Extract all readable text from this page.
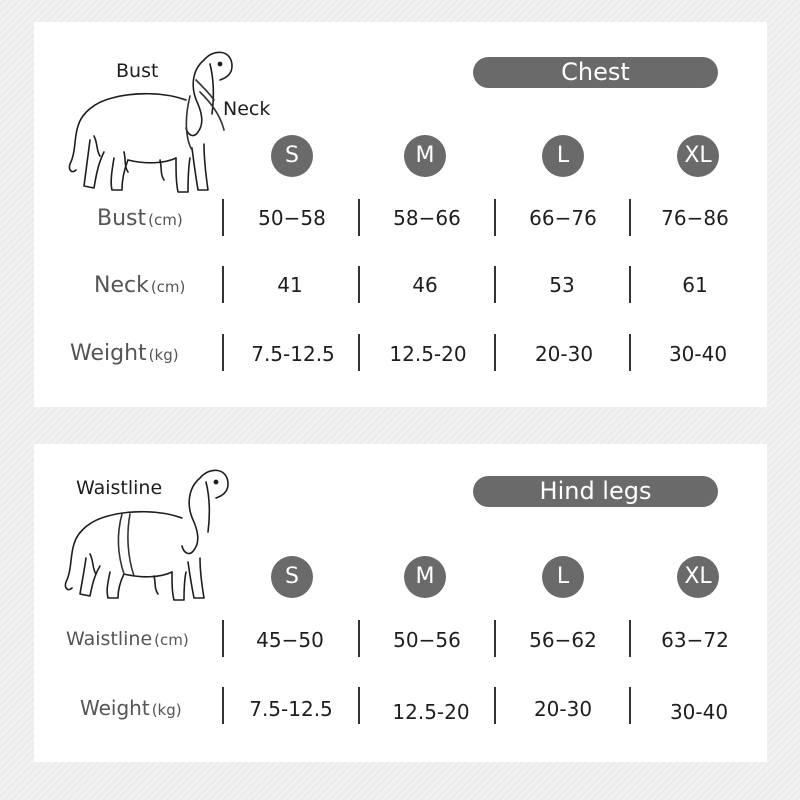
Bust
Neck
Chest
S	M	L	XL
Bust (cm)	50−58	58−66	66−76	76−86
Neck (cm)	41	46	53	61
Weight (kg)	7.5-12.5	12.5-20	20-30	30-40
Waistline	Hind legs
S	M	L	XL
Waistline (cm)	45−50	50−56	56−62	63−72
Weight (kg)	7.5-12.5	12.5-20	20-30	30-40
